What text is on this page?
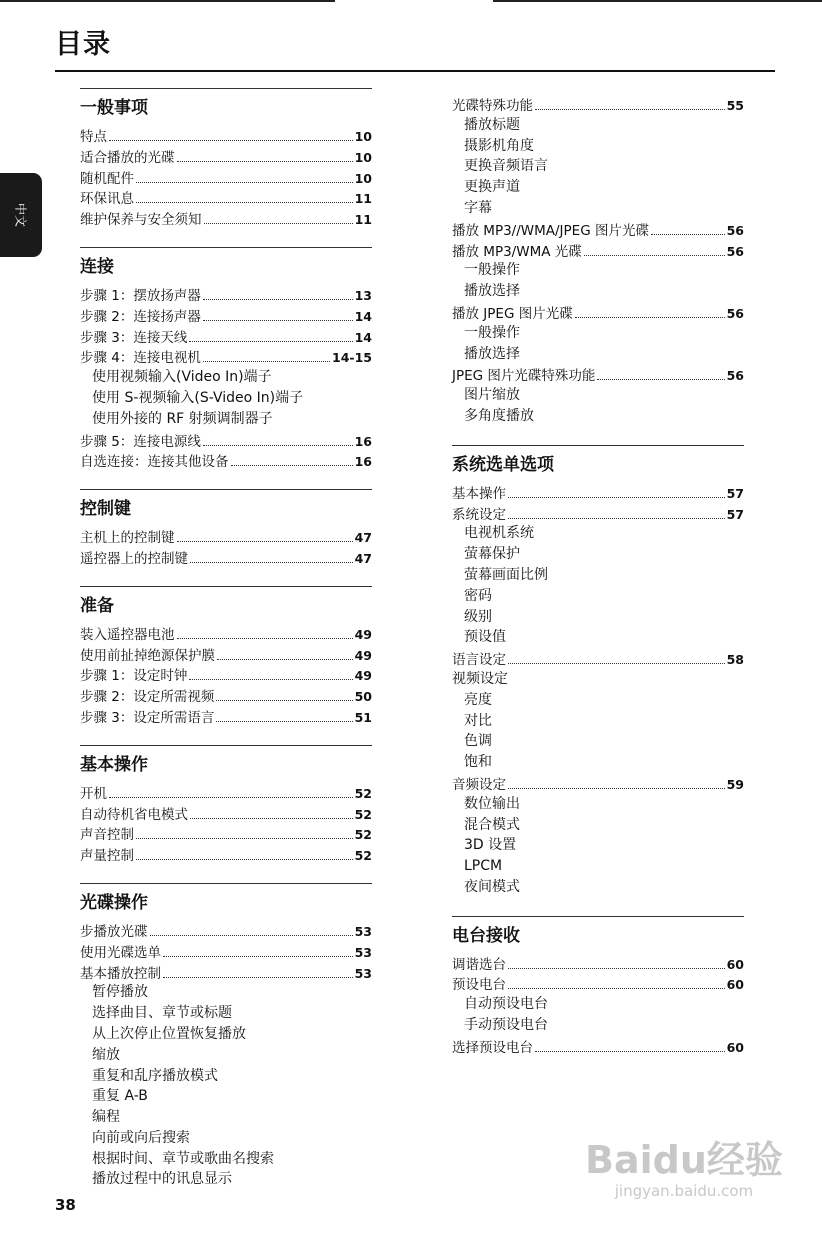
目录
中文
一般事项
特点	10
适合播放的光碟	10
随机配件	10
环保讯息	11
维护保养与安全须知	11
连接
步骤 1：摆放扬声器	13
步骤 2：连接扬声器	14
步骤 3：连接天线	14
步骤 4：连接电视机	14-15
使用视频输入(Video In)端子
使用 S-视频输入(S-Video In)端子
使用外接的 RF 射频调制器子
步骤 5：连接电源线	16
自选连接：连接其他设备	16
控制键
主机上的控制键	47
遥控器上的控制键	47
准备
装入遥控器电池	49
使用前扯掉绝源保护膜	49
步骤 1：设定时钟	49
步骤 2：设定所需视频	50
步骤 3：设定所需语言	51
基本操作
开机	52
自动待机省电模式	52
声音控制	52
声量控制	52
光碟操作
步播放光碟	53
使用光碟选单	53
基本播放控制	53
暂停播放
选择曲目、章节或标题
从上次停止位置恢复播放
缩放
重复和乱序播放模式
重复 A-B
编程
向前或向后搜索
根据时间、章节或歌曲名搜索
播放过程中的讯息显示
光碟特殊功能	55
播放标题
摄影机角度
更换音频语言
更换声道
字幕
播放 MP3//WMA/JPEG 图片光碟	56
播放 MP3/WMA 光碟	56
一般操作
播放选择
播放 JPEG 图片光碟	56
一般操作
播放选择
JPEG 图片光碟特殊功能	56
图片缩放
多角度播放
系统选单选项
基本操作	57
系统设定	57
电视机系统
萤幕保护
萤幕画面比例
密码
级别
预设值
语言设定	58
视频设定
亮度
对比
色调
饱和
音频设定	59
数位输出
混合模式
3D 设置
LPCM
夜间模式
电台接收
调谐选台	60
预设电台	60
自动预设电台
手动预设电台
选择预设电台	60
38
Baidu经验
jingyan.baidu.com
